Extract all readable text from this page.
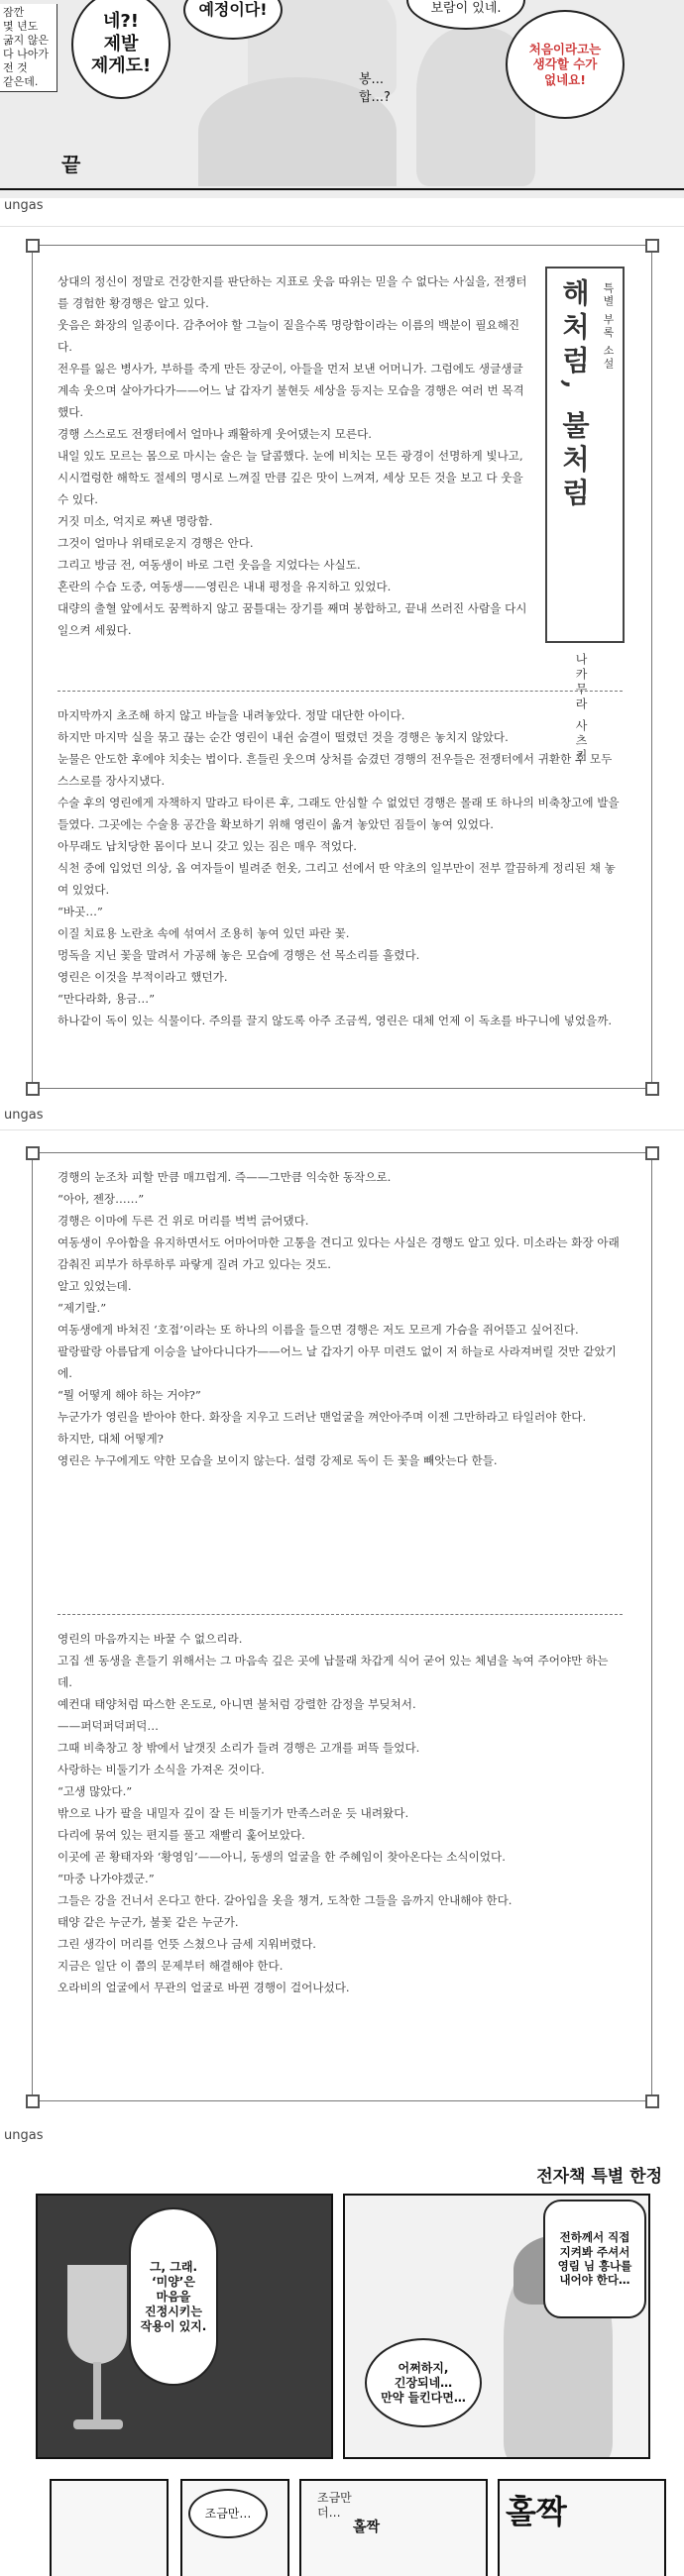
잠깐
몇 년도
굶지 않은
다 나아가
전 것
같은데.
네?!
제발
제게도!
예정이다!	보람이 있네.
처음이라고는
생각할 수가
없네요!
봉...
합...?
끝
ungas
특별 부록 소설
해처럼, 불처럼
나카무라 사츠키

상대의 정신이 정말로 건강한지를 판단하는 지표로 웃음 따위는 믿을 수 없다는 사실을, 전쟁터를 경험한 황경행은 알고 있다.

웃음은 화장의 일종이다. 감추어야 할 그늘이 짙을수록 명랑함이라는 이름의 백분이 필요해진다.

전우를 잃은 병사가, 부하를 죽게 만든 장군이, 아들을 먼저 보낸 어머니가. 그럼에도 생글생글 계속 웃으며 살아가다가——어느 날 갑자기 불현듯 세상을 등지는 모습을 경행은 여러 번 목격했다.

경행 스스로도 전쟁터에서 얼마나 쾌활하게 웃어댔는지 모른다.

내일 있도 모르는 몸으로 마시는 술은 늘 달콤했다. 눈에 비치는 모든 광경이 선명하게 빛나고, 시시껄렁한 해학도 절세의 명시로 느껴질 만큼 깊은 맛이 느껴져, 세상 모든 것을 보고 다 웃을 수 있다.

거짓 미소, 억지로 짜낸 명랑함.

그것이 얼마나 위태로운지 경행은 안다.

그리고 방금 전, 여동생이 바로 그런 웃음을 지었다는 사실도.

혼란의 수습 도중, 여동생——영린은 내내 평정을 유지하고 있었다.

대량의 출혈 앞에서도 꿈쩍하지 않고 꿈틀대는 장기를 째며 봉합하고, 끝내 쓰러진 사람을 다시 일으켜 세웠다.

마지막까지 초조해 하지 않고 바늘을 내려놓았다. 정말 대단한 아이다.

하지만 마지막 실을 묶고 끊는 순간 영린이 내쉰 숨결이 떨렸던 것을 경행은 놓치지 않았다.

눈물은 안도한 후에야 치솟는 법이다. 흔들린 웃으며 상처를 숨겼던 경행의 전우들은 전쟁터에서 귀환한 후 모두 스스로를 장사지냈다.

수술 후의 영린에게 자책하지 말라고 타이른 후, 그래도 안심할 수 없었던 경행은 몰래 또 하나의 비축창고에 발을 들였다. 그곳에는 수술용 공간을 확보하기 위해 영린이 옮겨 놓았던 짐들이 놓여 있었다.

아무래도 납치당한 몸이다 보니 갖고 있는 짐은 매우 적었다.

식천 중에 입었던 의상, 옵 여자들이 빌려준 헌옷, 그리고 선에서 딴 약초의 일부만이 전부 깔끔하게 정리된 채 놓여 있었다.

“바곳…”

이질 치료용 노란초 속에 섞여서 조용히 놓여 있던 파란 꽃.

멍독을 지닌 꽃을 말려서 가공해 놓은 모습에 경행은 선 목소리를 흘렸다.

영린은 이것을 부적이라고 했던가.

“만다라화, 용금…”

하나같이 독이 있는 식물이다. 주의를 끌지 않도록 아주 조금씩, 영린은 대체 언제 이 독초를 바구니에 넣었을까.

ungas

경행의 눈조차 피할 만큼 매끄럽게. 즉——그만큼 익숙한 동작으로.

“아아, 젠장……”

경행은 이마에 두른 건 위로 머리를 벅벅 긁어댔다.

여동생이 우아함을 유지하면서도 어마어마한 고통을 견디고 있다는 사실은 경행도 알고 있다. 미소라는 화장 아래 감춰진 피부가 하루하루 파랗게 질려 가고 있다는 것도.

알고 있었는데.

“제기랄.”

여동생에게 바쳐진 ‘호접’이라는 또 하나의 이름을 들으면 경행은 저도 모르게 가슴을 쥐어뜯고 싶어진다.

팔랑팔랑 아름답게 이승을 날아다니다가——어느 날 갑자기 아무 미련도 없이 저 하늘로 사라져버릴 것만 같았기에.

“뭘 어떻게 해야 하는 거야?”

누군가가 영린을 받아야 한다. 화장을 지우고 드러난 맨얼굴을 껴안아주며 이젠 그만하라고 타일러야 한다.

하지만, 대체 어떻게?

영린은 누구에게도 약한 모습을 보이지 않는다. 설령 강제로 독이 든 꽃을 빼앗는다 한들.

영린의 마음까지는 바꿀 수 없으리라.

고집 센 동생을 흔들기 위해서는 그 마음속 깊은 곳에 납물래 차갑게 식어 굳어 있는 체념을 녹여 주어야만 하는데.

예컨대 태양처럼 따스한 온도로, 아니면 불처럼 강렬한 감정을 부딪쳐서.

——퍼덕퍼덕퍼덕…

그때 비축창고 창 밖에서 날갯짓 소리가 들려 경행은 고개를 퍼뜩 들었다.

사랑하는 비둘기가 소식을 가져온 것이다.

“고생 많았다.”

밖으로 나가 팔을 내밀자 깊이 잘 든 비둘기가 만족스러운 듯 내려왔다.

다리에 묶여 있는 편지를 풀고 재빨리 훑어보았다.

이곳에 곧 황태자와 ‘황영임’——아니, 동생의 얼굴을 한 주혜임이 찾아온다는 소식이었다.

“마중 나가야겠군.”

그들은 강을 건너서 온다고 한다. 갈아입을 옷을 챙겨, 도착한 그들을 음까지 안내해야 한다.

태양 같은 누군가, 불꽃 같은 누군가.

그린 생각이 머리를 언뜻 스쳤으나 금세 지워버렸다.

지금은 일단 이 쯤의 문제부터 해결해야 한다.

오라비의 얼굴에서 무관의 얼굴로 바뀐 경행이 걸어나섰다.

ungas
전자책 특별 한정
그, 그래.
‘미양’은
마음을
진정시키는
작용이 있지.
전하께서 직접
지켜봐 주셔서
영림 님 흥나를
내어야 한다…
어쩌하지,
긴장되네…
만약 들킨다면…
조금만…
조금만
더…
홀짝	홀짝
